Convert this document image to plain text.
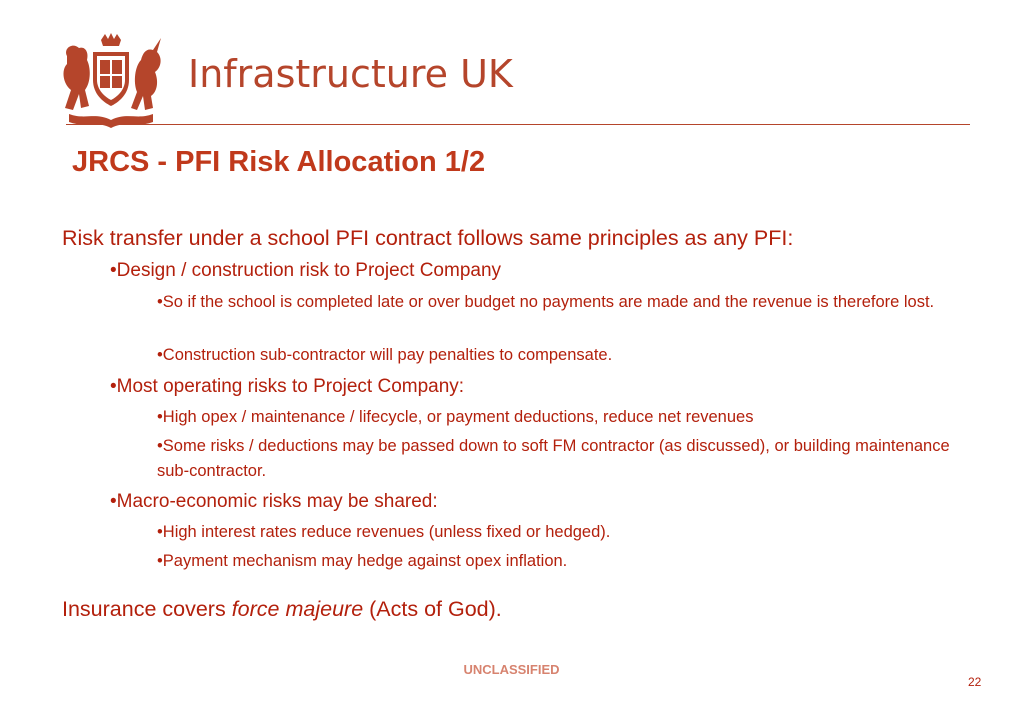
Infrastructure UK
JRCS - PFI Risk Allocation 1/2
Risk transfer under a school PFI contract follows same principles as any PFI:
•Design / construction risk to Project Company
•So if the school is completed late or over budget no payments are made and the revenue is therefore lost.
•Construction sub-contractor will pay penalties to compensate.
•Most operating risks to Project Company:
•High opex / maintenance / lifecycle, or payment deductions, reduce net revenues
•Some risks / deductions may be passed down to soft FM contractor (as discussed), or building maintenance sub-contractor.
•Macro-economic risks may be shared:
•High interest rates reduce revenues (unless fixed or hedged).
•Payment mechanism may hedge against opex inflation.
Insurance covers force majeure (Acts of God).
UNCLASSIFIED
22
